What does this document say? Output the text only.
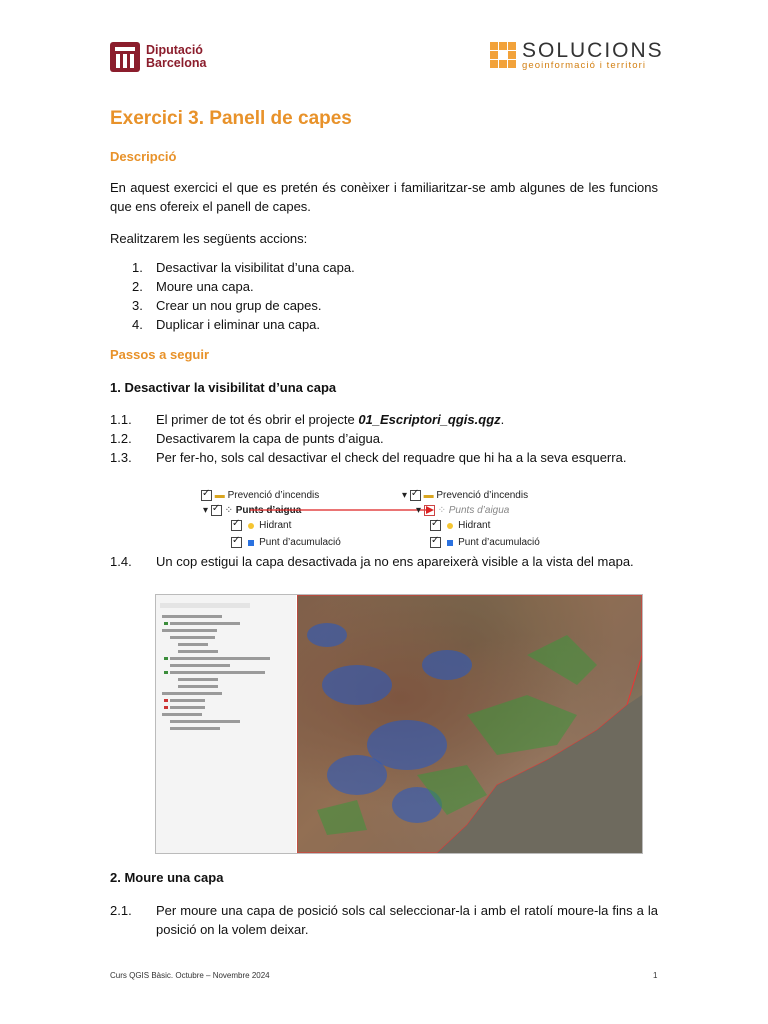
Diputació
Barcelona
SOLUCIONS
geoinformació i territori
Exercici 3. Panell de capes
Descripció

En aquest exercici el que es pretén és conèixer i familiaritzar-se amb algunes de les funcions que ens ofereix el panell de capes.

Realitzarem les següents accions:

1. Desactivar la visibilitat d’una capa.
2. Moure una capa.
3. Crear un nou grup de capes.
4. Duplicar i eliminar una capa.
Passos a seguir
1. Desactivar la visibilitat d’una capa
1.1. El primer de tot és obrir el projecte 01_Escriptori_qgis.qgz.
1.2. Desactivarem la capa de punts d’aigua.
1.3. Per fer-ho, sols cal desactivar el check del requadre que hi ha a la seva esquerra.
✓ ▬ Prevenció d’incendis
▾ ✓ ⁘ Punts d’aigua
✓    Hidrant
✓    Punt d’acumulació
▾ ✓ ▬ Prevenció d’incendis
▾ ⁘ Punts d’aigua
✓    Hidrant
✓    Punt d’acumulació
1.4. Un cop estigui la capa desactivada ja no ens apareixerà visible a la vista del mapa.
2. Moure una capa
2.1. Per moure una capa de posició sols cal seleccionar-la i amb el ratolí moure-la fins a la posició on la volem deixar.
Curs QGIS Bàsic. Octubre – Novembre 2024	1
